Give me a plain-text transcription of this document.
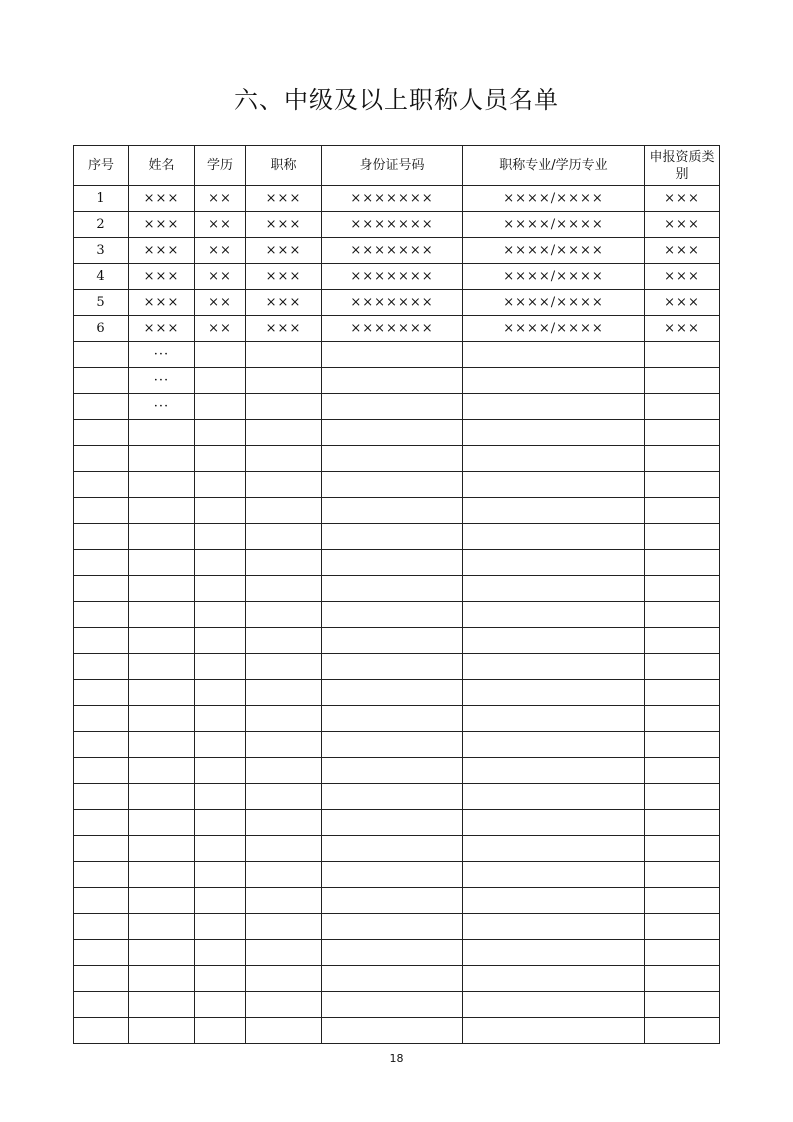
六、中级及以上职称人员名单
序号	姓名	学历	职称	身份证号码	职称专业/学历专业	申报资质类别
1	×××	××	×××	×××××××	××××/××××	×××
2	×××	××	×××	×××××××	××××/××××	×××
3	×××	××	×××	×××××××	××××/××××	×××
4	×××	××	×××	×××××××	××××/××××	×××
5	×××	××	×××	×××××××	××××/××××	×××
6	×××	××	×××	×××××××	××××/××××	×××
	···					
	···					
	···					

18
